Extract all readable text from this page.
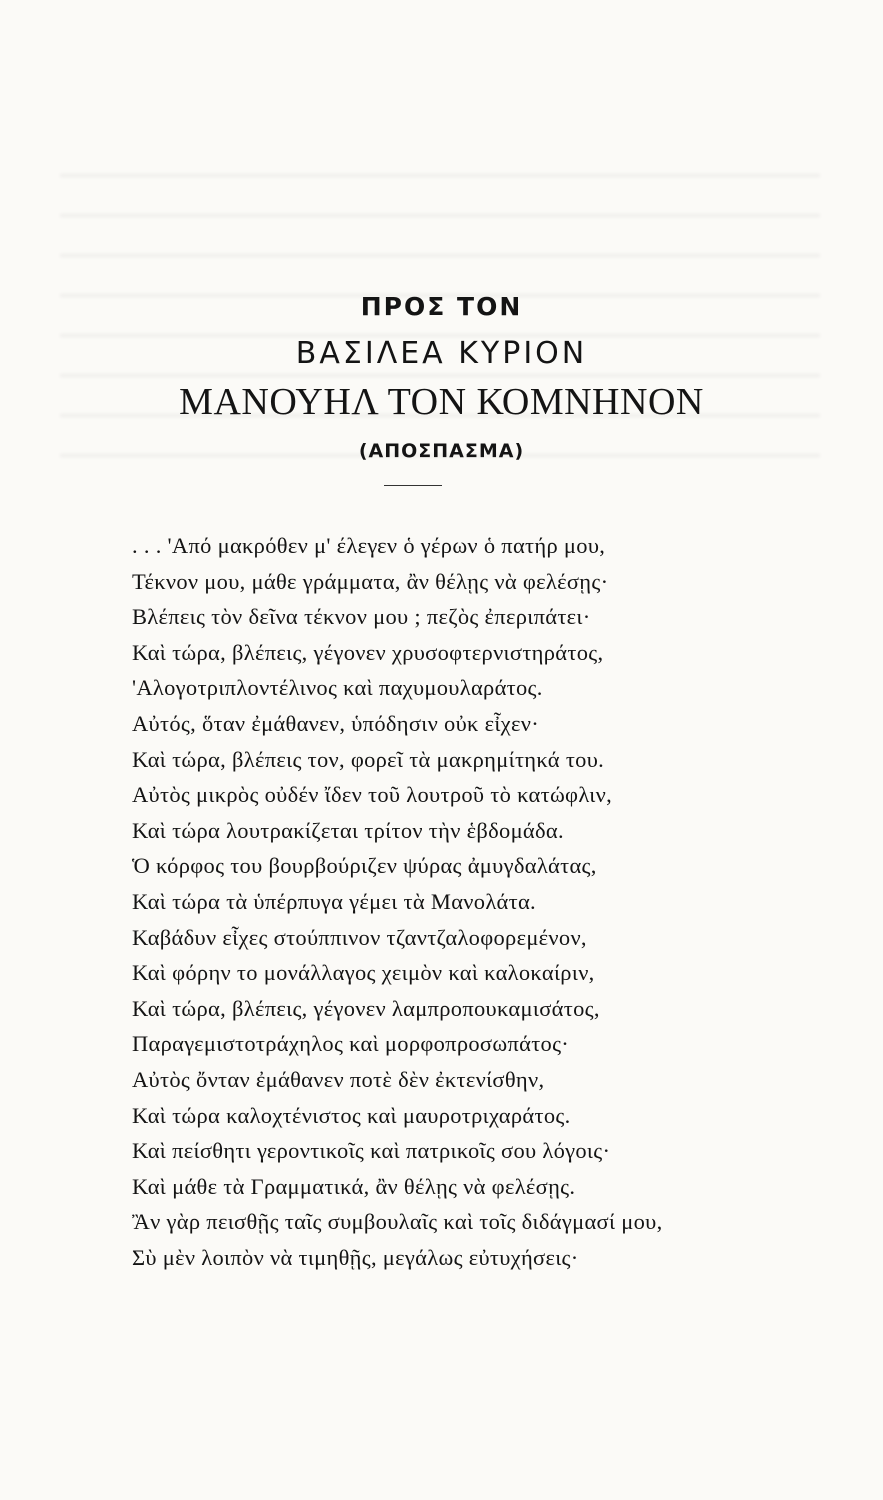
ΠΡΟΣ ΤΟΝ
ΒΑΣΙΛΕΑ ΚΥΡΙΟΝ
ΜΑΝΟΥΗΛ ΤΟΝ ΚΟΜΝΗΝΟΝ
(ΑΠΟΣΠΑΣΜΑ)
. . . 'Από μακρόθεν μ' έλεγεν ὁ γέρων ὁ πατήρ μου,
Τέκνον μου, μάθε γράμματα, ἂν θέλῃς νὰ φελέσῃς·
Βλέπεις τὸν δεῖνα τέκνον μου ; πεζὸς ἐπεριπάτει·
Καὶ τώρα, βλέπεις, γέγονεν χρυσοφτερνιστηράτος,
'Αλογοτριπλοντέλινος καὶ παχυμουλαράτος.
Αὐτός, ὅταν ἐμάθανεν, ὑπόδησιν οὐκ εἶχεν·
Καὶ τώρα, βλέπεις τον, φορεῖ τὰ μακρημίτηκά του.
Αὐτὸς μικρὸς οὐδέν ἴδεν τοῦ λουτροῦ τὸ κατώφλιν,
Καὶ τώρα λουτρακίζεται τρίτον τὴν ἑβδομάδα.
Ὁ κόρφος του βουρβούριζεν ψύρας ἀμυγδαλάτας,
Καὶ τώρα τὰ ὑπέρπυγα γέμει τὰ Μανολάτα.
Καβάδυν εἶχες στούππινον τζαντζαλοφορεμένον,
Καὶ φόρην το μονάλλαγος χειμὸν καὶ καλοκαίριν,
Καὶ τώρα, βλέπεις, γέγονεν λαμπροπουκαμισάτος,
Παραγεμιστοτράχηλος καὶ μορφοπροσωπάτος·
Αὐτὸς ὄνταν ἐμάθανεν ποτὲ δὲν ἐκτενίσθην,
Καὶ τώρα καλοχτένιστος καὶ μαυροτριχαράτος.
Καὶ πείσθητι γεροντικοῖς καὶ πατρικοῖς σου λόγοις·
Καὶ μάθε τὰ Γραμματικά, ἂν θέλῃς νὰ φελέσῃς.
Ἂν γὰρ πεισθῇς ταῖς συμβουλαῖς καὶ τοῖς διδάγμασί μου,
Σὺ μὲν λοιπὸν νὰ τιμηθῇς, μεγάλως εὐτυχήσεις·
